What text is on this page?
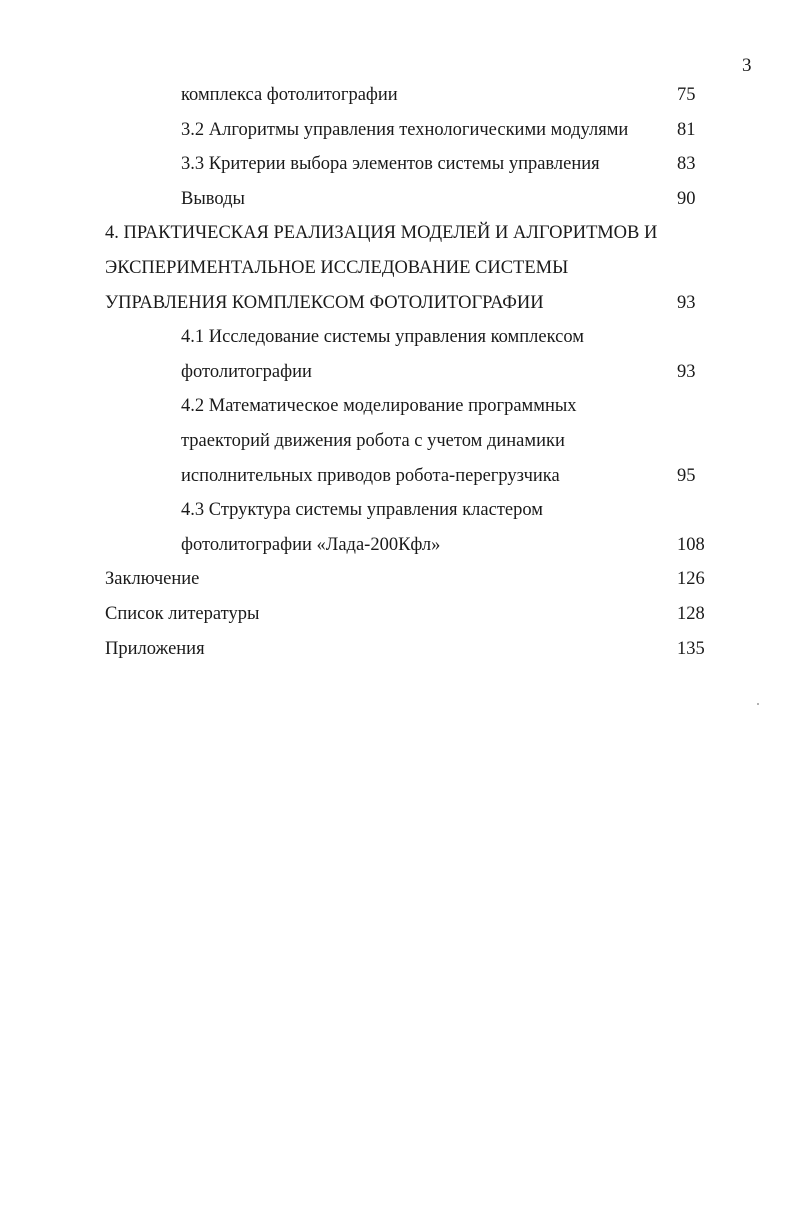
3
комплекса фотолитографии	75
3.2 Алгоритмы управления технологическими модулями	81
3.3 Критерии выбора элементов системы управления	83
Выводы	90
4. ПРАКТИЧЕСКАЯ РЕАЛИЗАЦИЯ МОДЕЛЕЙ И АЛГОРИТМОВ И
ЭКСПЕРИМЕНТАЛЬНОЕ ИССЛЕДОВАНИЕ СИСТЕМЫ
УПРАВЛЕНИЯ КОМПЛЕКСОМ ФОТОЛИТОГРАФИИ	93
4.1 Исследование системы управления комплексом
фотолитографии	93
4.2 Математическое моделирование программных
траекторий движения робота с учетом динамики
исполнительных приводов робота-перегрузчика	95
4.3 Структура системы управления кластером
фотолитографии «Лада-200Кфл»	108
Заключение	126
Список литературы	128
Приложения	135
